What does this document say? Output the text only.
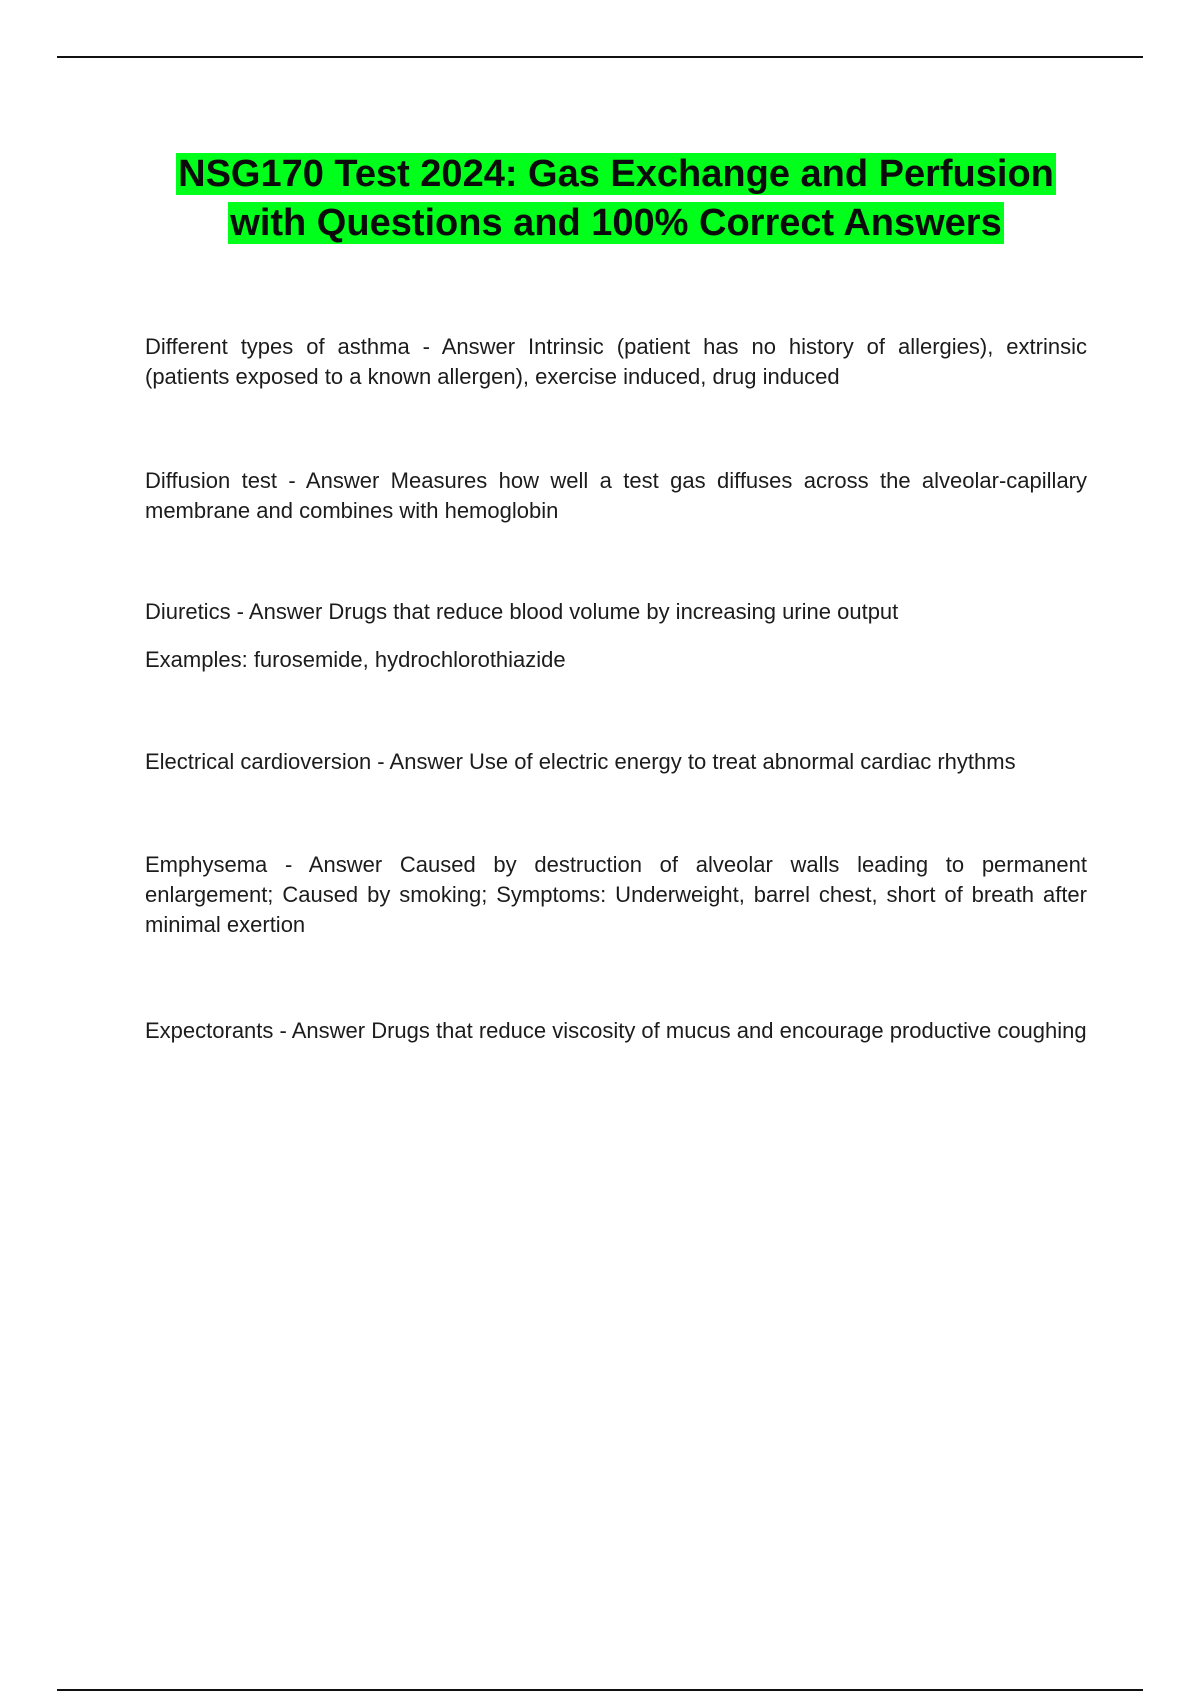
NSG170 Test 2024: Gas Exchange and Perfusion with Questions and 100% Correct Answers

Different types of asthma - Answer Intrinsic (patient has no history of allergies), extrinsic (patients exposed to a known allergen), exercise induced, drug induced

Diffusion test - Answer Measures how well a test gas diffuses across the alveolar-capillary membrane and combines with hemoglobin

Diuretics - Answer Drugs that reduce blood volume by increasing urine output

Examples: furosemide, hydrochlorothiazide

Electrical cardioversion - Answer Use of electric energy to treat abnormal cardiac rhythms

Emphysema - Answer Caused by destruction of alveolar walls leading to permanent enlargement; Caused by smoking; Symptoms: Underweight, barrel chest, short of breath after minimal exertion

Expectorants - Answer Drugs that reduce viscosity of mucus and encourage productive coughing
